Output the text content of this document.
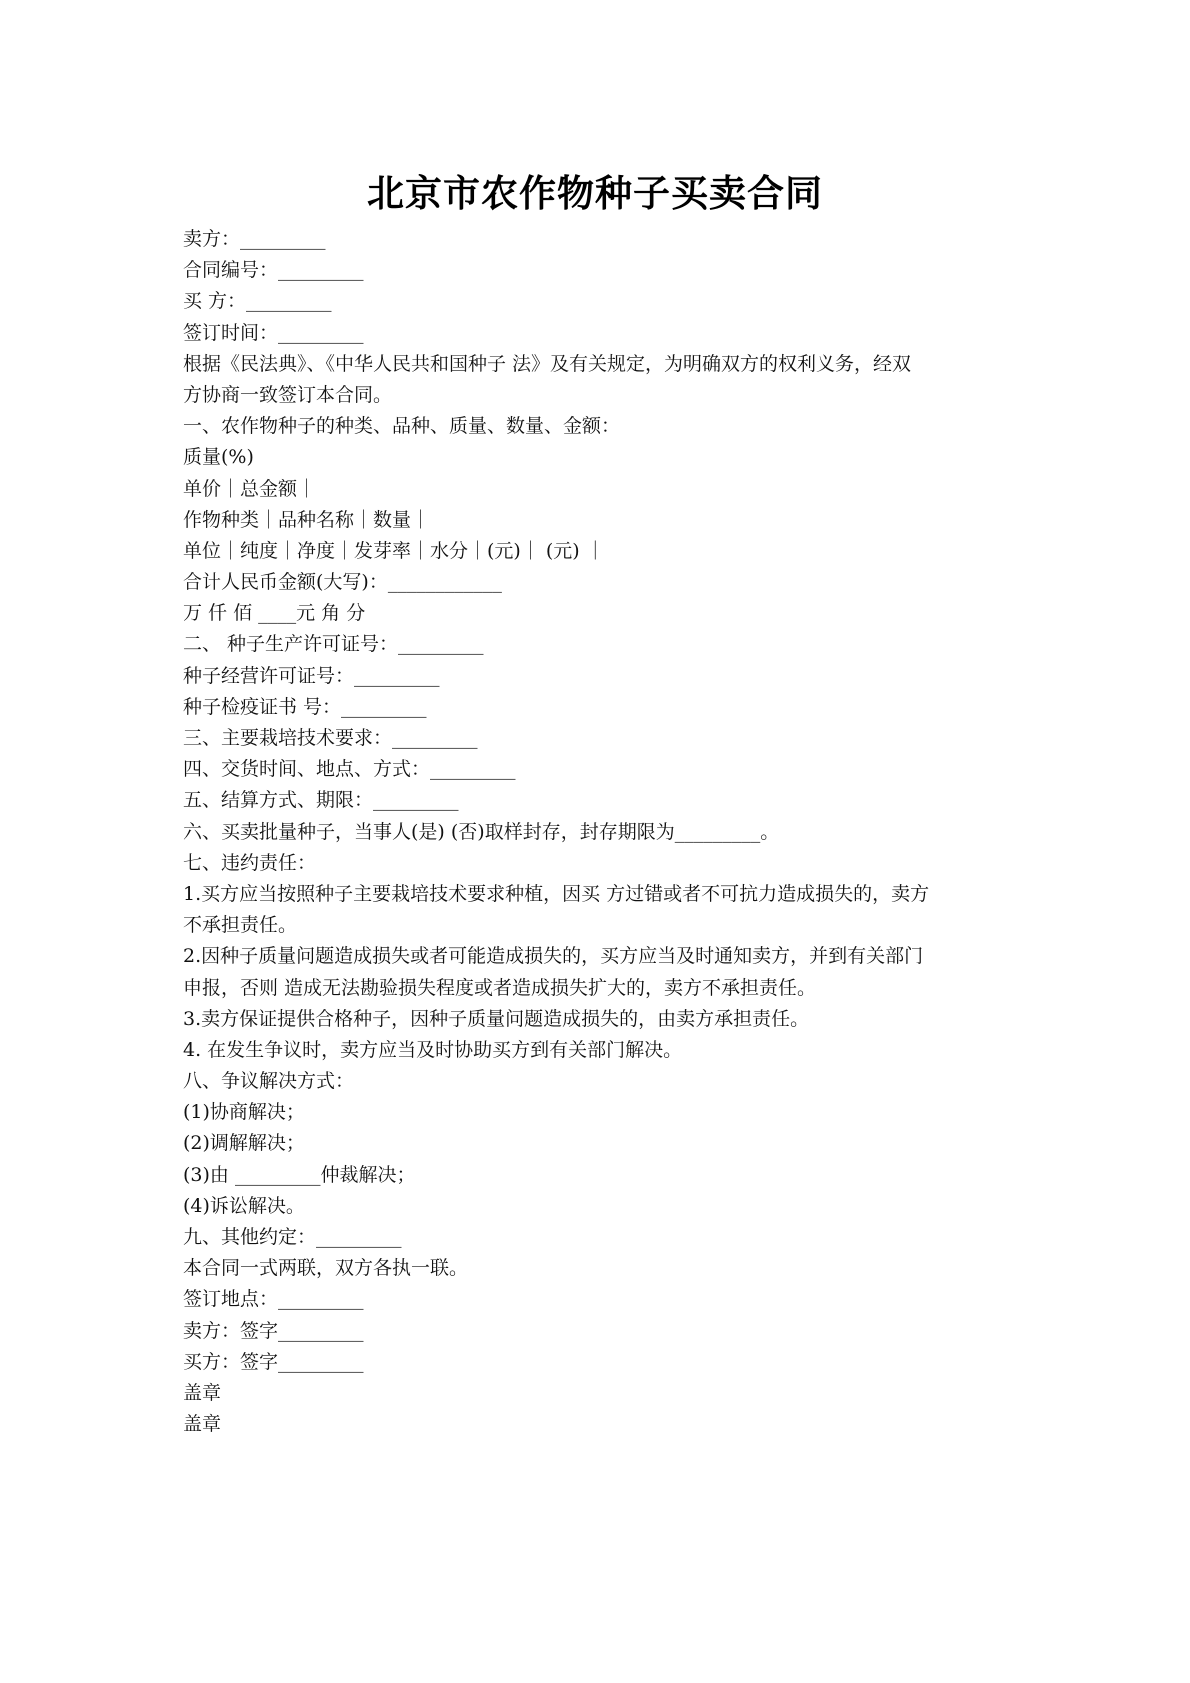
北京市农作物种子买卖合同
卖方：_________
合同编号：_________
买 方：_________
签订时间：_________
根据《民法典》、《中华人民共和国种子 法》及有关规定，为明确双方的权利义务，经双
方协商一致签订本合同。
一、农作物种子的种类、品种、质量、数量、金额：
质量(%)
单价｜总金额｜
作物种类｜品种名称｜数量｜
单位｜纯度｜净度｜发芽率｜水分｜(元)｜ (元) ｜
合计人民币金额(大写)：____________
万 仟 佰 ____元 角 分
二、 种子生产许可证号：_________
种子经营许可证号：_________
种子检疫证书 号：_________
三、主要栽培技术要求：_________
四、交货时间、地点、方式：_________
五、结算方式、期限：_________
六、买卖批量种子，当事人(是) (否)取样封存，封存期限为_________。
七、违约责任：
1.买方应当按照种子主要栽培技术要求种植，因买 方过错或者不可抗力造成损失的，卖方
不承担责任。
2.因种子质量问题造成损失或者可能造成损失的，买方应当及时通知卖方，并到有关部门
申报，否则 造成无法勘验损失程度或者造成损失扩大的，卖方不承担责任。
3.卖方保证提供合格种子，因种子质量问题造成损失的，由卖方承担责任。
4. 在发生争议时，卖方应当及时协助买方到有关部门解决。
八、争议解决方式：
(1)协商解决；
(2)调解解决；
(3)由 _________仲裁解决；
(4)诉讼解决。
九、其他约定：_________
本合同一式两联，双方各执一联。
签订地点：_________
卖方：签字_________
买方：签字_________
盖章
盖章
